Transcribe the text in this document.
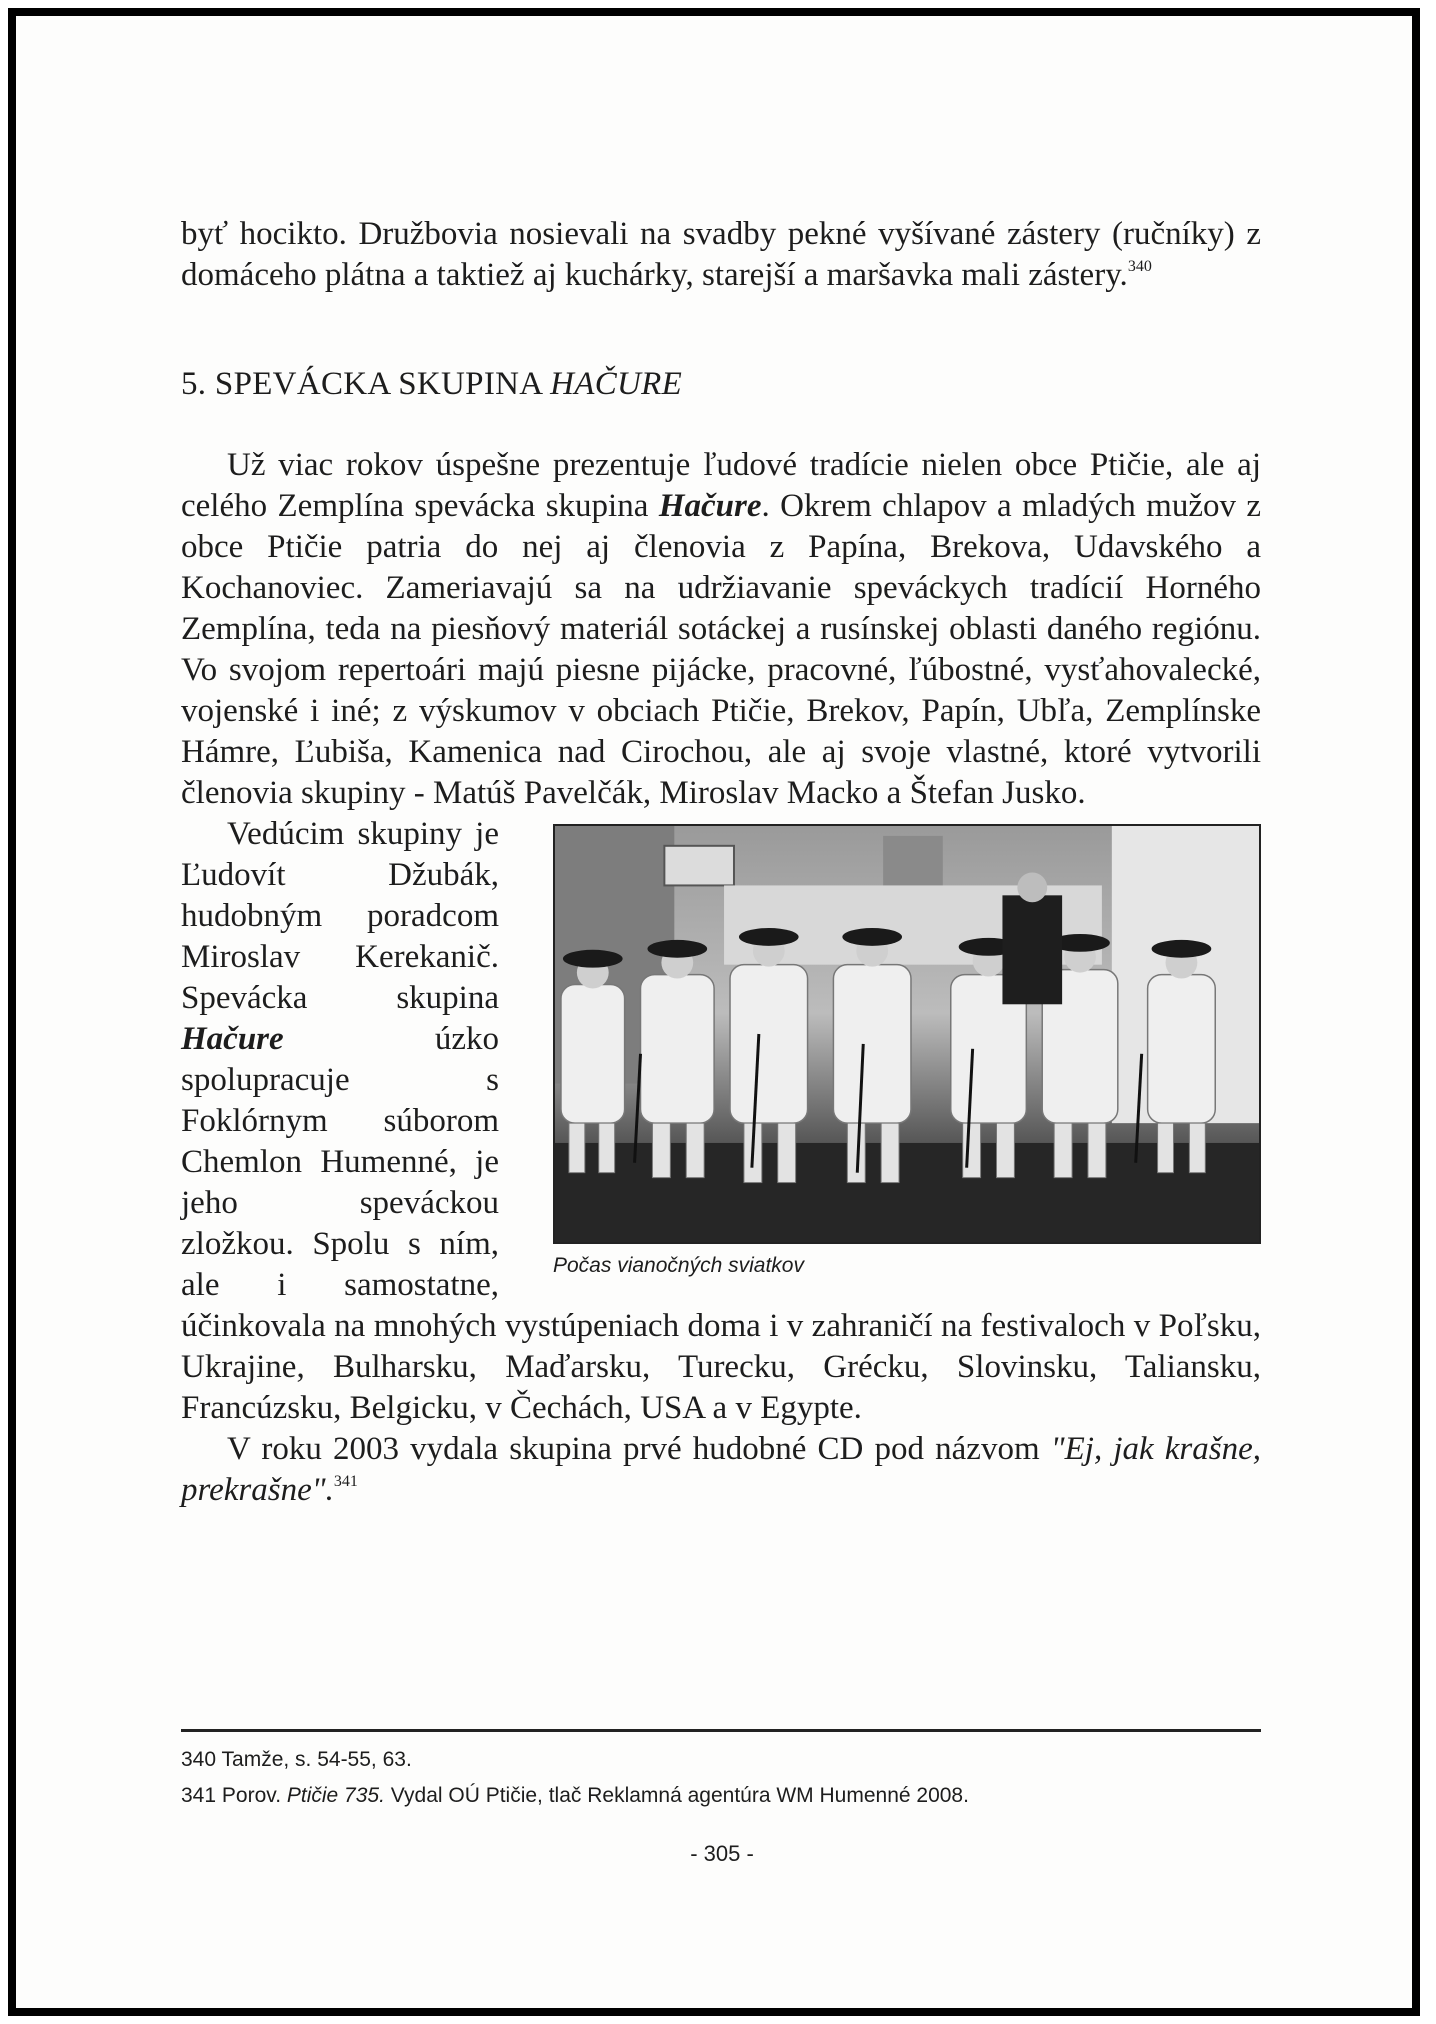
byť hocikto. Družbovia nosievali na svadby pekné vyšívané zástery (ručníky) z domáceho plátna a taktiež aj kuchárky, starejší a maršavka mali zástery.$^{340}$

5. SPEVÁCKA SKUPINA HAČURE

Už viac rokov úspešne prezentuje ľudové tradície nielen obce Ptičie, ale aj celého Zemplína spevácka skupina Hačure. Okrem chlapov a mladých mužov z obce Ptičie patria do nej aj členovia z Papína, Brekova, Udavského a Kochanoviec. Zameriavajú sa na udržiavanie speváckych tradícií Horného Zemplína, teda na piesňový materiál sotáckej a rusínskej oblasti daného regiónu. Vo svojom repertoári majú piesne pijácke, pracovné, ľúbostné, vysťahovalecké, vojenské i iné; z výskumov v obciach Ptičie, Brekov, Papín, Ubľa, Zemplínske Hámre, Ľubiša, Kamenica nad Cirochou, ale aj svoje vlastné, ktoré vytvorili členovia skupiny - Matúš Pavelčák, Miroslav Macko a Štefan Jusko.

Počas vianočných sviatkov

Vedúcim skupiny je Ľudovít Džubák, hudobným poradcom Miroslav Kerekanič. Spevácka skupina Hačure	úzko spolupracuje s Foklórnym súborom Chemlon Humenné, je jeho speváckou zložkou. Spolu s ním, ale i samostatne, účinkovala na mnohých vystúpeniach doma i v zahraničí na festivaloch v Poľsku, Ukrajine, Bulharsku, Maďarsku, Turecku, Grécku, Slovinsku, Taliansku, Francúzsku, Belgicku, v Čechách, USA a v Egypte.

V roku 2003 vydala skupina prvé hudobné CD pod názvom "Ej, jak krašne, prekrašne".$^{341}$

340 Tamže, s. 54-55, 63.
341 Porov. Ptičie 735. Vydal OÚ Ptičie, tlač Reklamná agentúra WM Humenné 2008.
- 305 -
